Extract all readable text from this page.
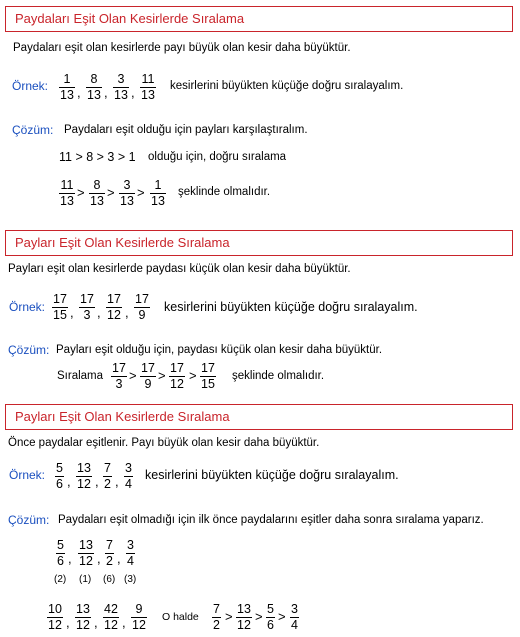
Paydaları Eşit Olan Kesirlerde Sıralama
Paydaları eşit olan kesirlerde payı büyük olan kesir daha büyüktür.
Örnek: 1
13 ,
8
13 ,
3
13 ,
11
13
kesirlerini büyükten küçüğe doğru sıralayalım.
Çözüm: Paydaları eşit olduğu için payları karşılaştıralım.
11 > 8 > 3 > 1 olduğu için, doğru sıralama
11
13
> 8
13
> 3
13
> 1
13
şeklinde olmalıdır.
Payları Eşit Olan Kesirlerde Sıralama
Payları eşit olan kesirlerde paydası küçük olan kesir daha büyüktür.
Örnek:
17
15 ,
17
3 ,
17
12 ,
17
9
kesirlerini büyükten küçüğe doğru sıralayalım.
Çözüm: Payları eşit olduğu için, paydası küçük olan kesir daha büyüktür.
Sıralama
17
3
> 17
9
> 17
12
> 17
15
şeklinde olmalıdır.
Payları Eşit Olan Kesirlerde Sıralama
Önce paydalar eşitlenir. Payı büyük olan kesir daha büyüktür.
Örnek: 5
6 ,
13
12 ,
7
2 ,
3
4
kesirlerini büyükten küçüğe doğru sıralayalım.
Çözüm: Paydaları eşit olmadığı için ilk önce paydalarını eşitler daha sonra sıralama yaparız.
5
6 ,
13
12 ,
7
2 ,
3
4
(2) (1) (6) (3)
10
12 ,
13
12 ,
42
12 ,
9
12
O halde
7
2
> 13
12
> 5
6
> 3
4
